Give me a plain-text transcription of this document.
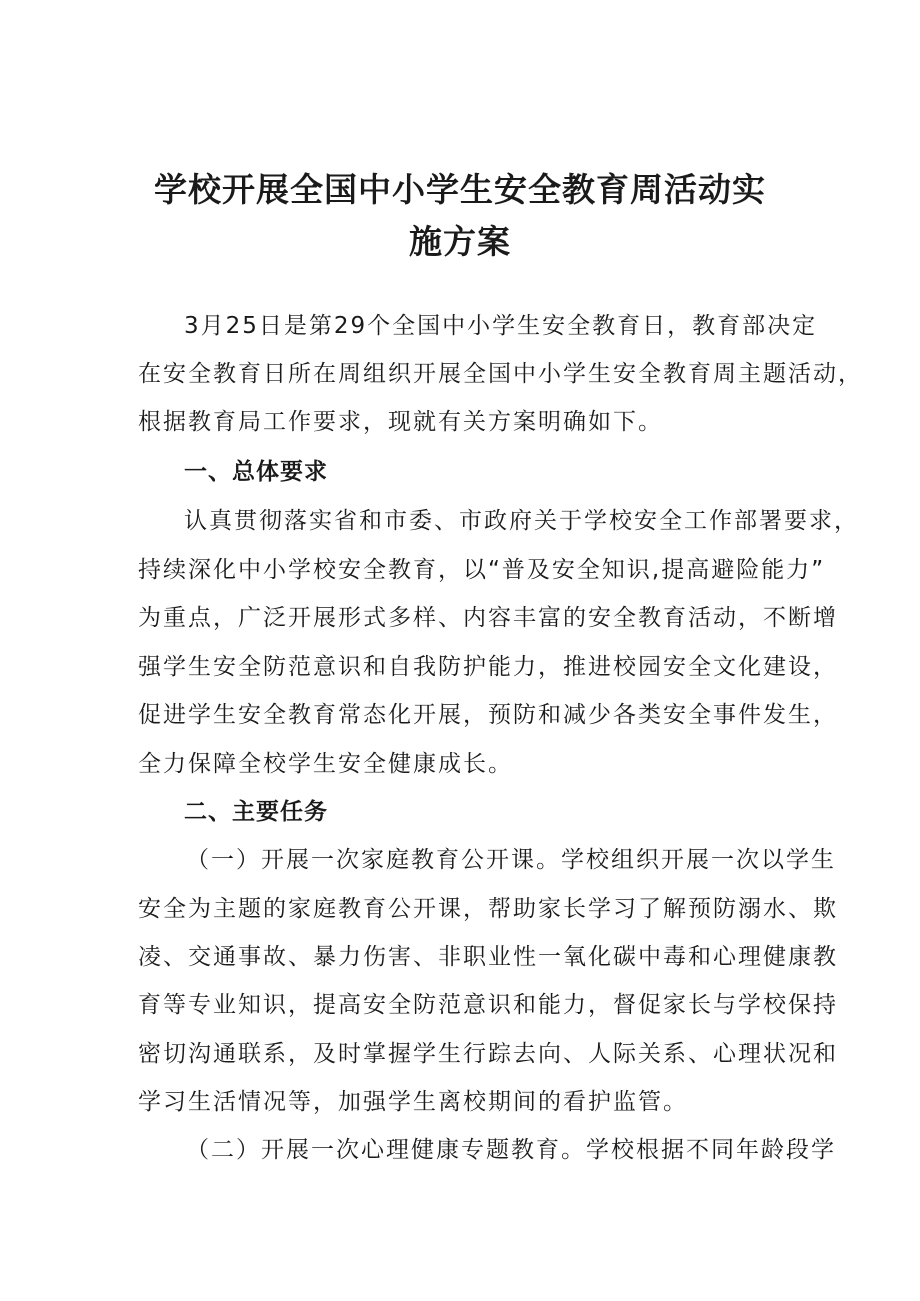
学校开展全国中小学生安全教育周活动实
施方案
3月25日是第29个全国中小学生安全教育日，教育部决定
在安全教育日所在周组织开展全国中小学生安全教育周主题活动，
根据教育局工作要求，现就有关方案明确如下。
一、总体要求
认真贯彻落实省和市委、市政府关于学校安全工作部署要求，
持续深化中小学校安全教育，以“普及安全知识,提高避险能力”
为重点，广泛开展形式多样、内容丰富的安全教育活动，不断增
强学生安全防范意识和自我防护能力，推进校园安全文化建设，
促进学生安全教育常态化开展，预防和减少各类安全事件发生，
全力保障全校学生安全健康成长。
二、主要任务
（一）开展一次家庭教育公开课。学校组织开展一次以学生
安全为主题的家庭教育公开课，帮助家长学习了解预防溺水、欺
凌、交通事故、暴力伤害、非职业性一氧化碳中毒和心理健康教
育等专业知识，提高安全防范意识和能力，督促家长与学校保持
密切沟通联系，及时掌握学生行踪去向、人际关系、心理状况和
学习生活情况等，加强学生离校期间的看护监管。
（二）开展一次心理健康专题教育。学校根据不同年龄段学
